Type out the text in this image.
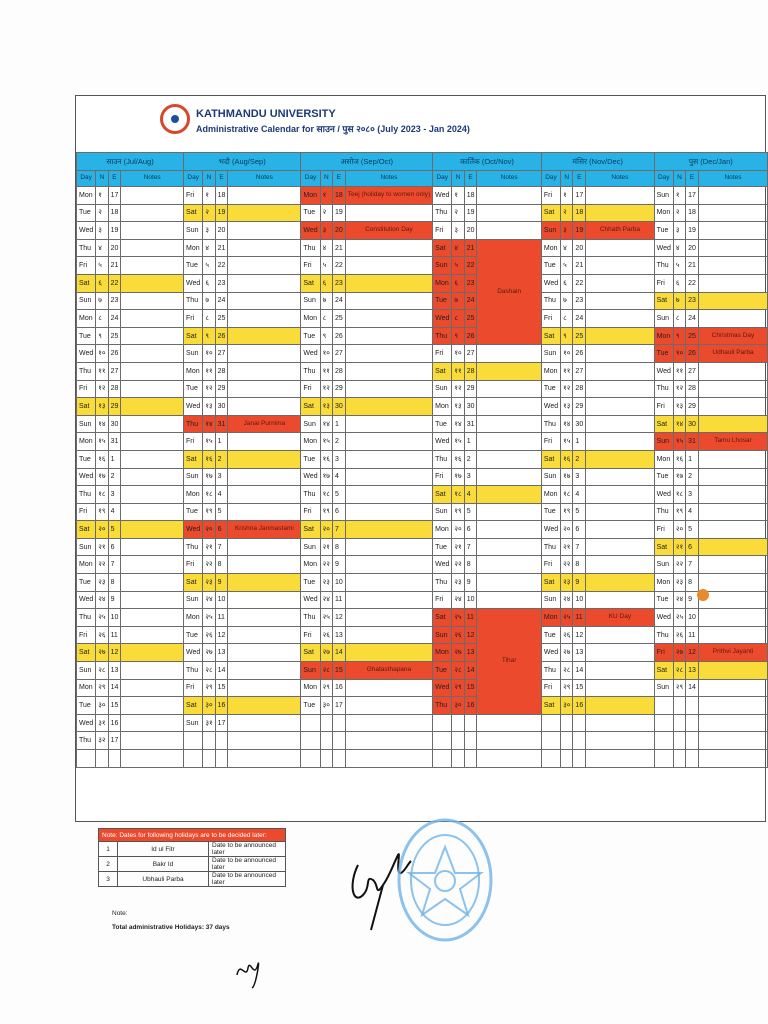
KATHMANDU UNIVERSITY
Administrative Calendar for साउन / पुस २०८० (July 2023 - Jan 2024)
साउन (Jul/Aug)				भदौ (Aug/Sep)				असोज (Sep/Oct)				कार्तिक (Oct/Nov)				मंसिर (Nov/Dec)				पुस (Dec/Jan)			
Day	N	E	Notes	Day	N	E	Notes	Day	N	E	Notes	Day	N	E	Notes	Day	N	E	Notes	Day	N	E	Notes
Mon	१	17		Fri	१	18		Mon	१	18	Teej (holiday to women only)	Wed	१	18		Fri	१	17		Sun	१	17	
Tue	२	18		Sat	२	19		Tue	२	19		Thu	२	19		Sat	२	18		Mon	२	18	
Wed	३	19		Sun	३	20		Wed	३	20	Constitution Day	Fri	३	20		Sun	३	19	Chhath Parba	Tue	३	19	
Thu	४	20		Mon	४	21		Thu	४	21		Sat	४	21	Dashain	Mon	४	20		Wed	४	20	
Fri	५	21		Tue	५	22		Fri	५	22		Sun	५	22		Tue	५	21		Thu	५	21	
Sat	६	22		Wed	६	23		Sat	६	23		Mon	६	23		Wed	६	22		Fri	६	22	
Sun	७	23		Thu	७	24		Sun	७	24		Tue	७	24		Thu	७	23		Sat	७	23	
Mon	८	24		Fri	८	25		Mon	८	25		Wed	८	25		Fri	८	24		Sun	८	24	
Tue	९	25		Sat	९	26		Tue	९	26		Thu	९	26		Sat	९	25		Mon	९	25	Christmas Day
Wed	१०	26		Sun	१०	27		Wed	१०	27		Fri	१०	27		Sun	१०	26		Tue	१०	26	Udhauli Parba
Thu	११	27		Mon	११	28		Thu	११	28		Sat	११	28		Mon	११	27		Wed	११	27	
Fri	१२	28		Tue	१२	29		Fri	१२	29		Sun	१२	29		Tue	१२	28		Thu	१२	28	
Sat	१३	29		Wed	१३	30		Sat	१३	30		Mon	१३	30		Wed	१३	29		Fri	१३	29	
Sun	१४	30		Thu	१४	31	Janai Purnima	Sun	१४	1		Tue	१४	31		Thu	१४	30		Sat	१४	30	
Mon	१५	31		Fri	१५	1		Mon	१५	2		Wed	१५	1		Fri	१५	1		Sun	१५	31	Tamu Lhosar
Tue	१६	1		Sat	१६	2		Tue	१६	3		Thu	१६	2		Sat	१६	2		Mon	१६	1	
Wed	१७	2		Sun	१७	3		Wed	१७	4		Fri	१७	3		Sun	१७	3		Tue	१७	2	
Thu	१८	3		Mon	१८	4		Thu	१८	5		Sat	१८	4		Mon	१८	4		Wed	१८	3	
Fri	१९	4		Tue	१९	5		Fri	१९	6		Sun	१९	5		Tue	१९	5		Thu	१९	4	
Sat	२०	5		Wed	२०	6	Krishna Janmastami	Sat	२०	7		Mon	२०	6		Wed	२०	6		Fri	२०	5	
Sun	२१	6		Thu	२१	7		Sun	२१	8		Tue	२१	7		Thu	२१	7		Sat	२१	6	
Mon	२२	7		Fri	२२	8		Mon	२२	9		Wed	२२	8		Fri	२२	8		Sun	२२	7	
Tue	२३	8		Sat	२३	9		Tue	२३	10		Thu	२३	9		Sat	२३	9		Mon	२३	8	
Wed	२४	9		Sun	२४	10		Wed	२४	11		Fri	२४	10		Sun	२४	10		Tue	२४	9	
Thu	२५	10		Mon	२५	11		Thu	२५	12		Sat	२५	11	Tihar	Mon	२५	11	KU Day	Wed	२५	10	
Fri	२६	11		Tue	२६	12		Fri	२६	13		Sun	२६	12		Tue	२६	12		Thu	२६	11	
Sat	२७	12		Wed	२७	13		Sat	२७	14		Mon	२७	13		Wed	२७	13		Fri	२७	12	Prithvi Jayanti
Sun	२८	13		Thu	२८	14		Sun	२८	15	Ghatasthapana	Tue	२८	14		Thu	२८	14		Sat	२८	13	
Mon	२९	14		Fri	२९	15		Mon	२९	16		Wed	२९	15		Fri	२९	15		Sun	२९	14	
Tue	३०	15		Sat	३०	16		Tue	३०	17		Thu	३०	16		Sat	३०	16					
Wed	३१	16		Sun	३१	17																	
Thu	३२	17																					

Note: Dates for following holidays are to be decided later:		
1	Id ul Fitr	Date to be announced later
2	Bakr Id	Date to be announced later
3	Ubhauli Parba	Date to be announced later
Note:
Total administrative Holidays: 37 days
